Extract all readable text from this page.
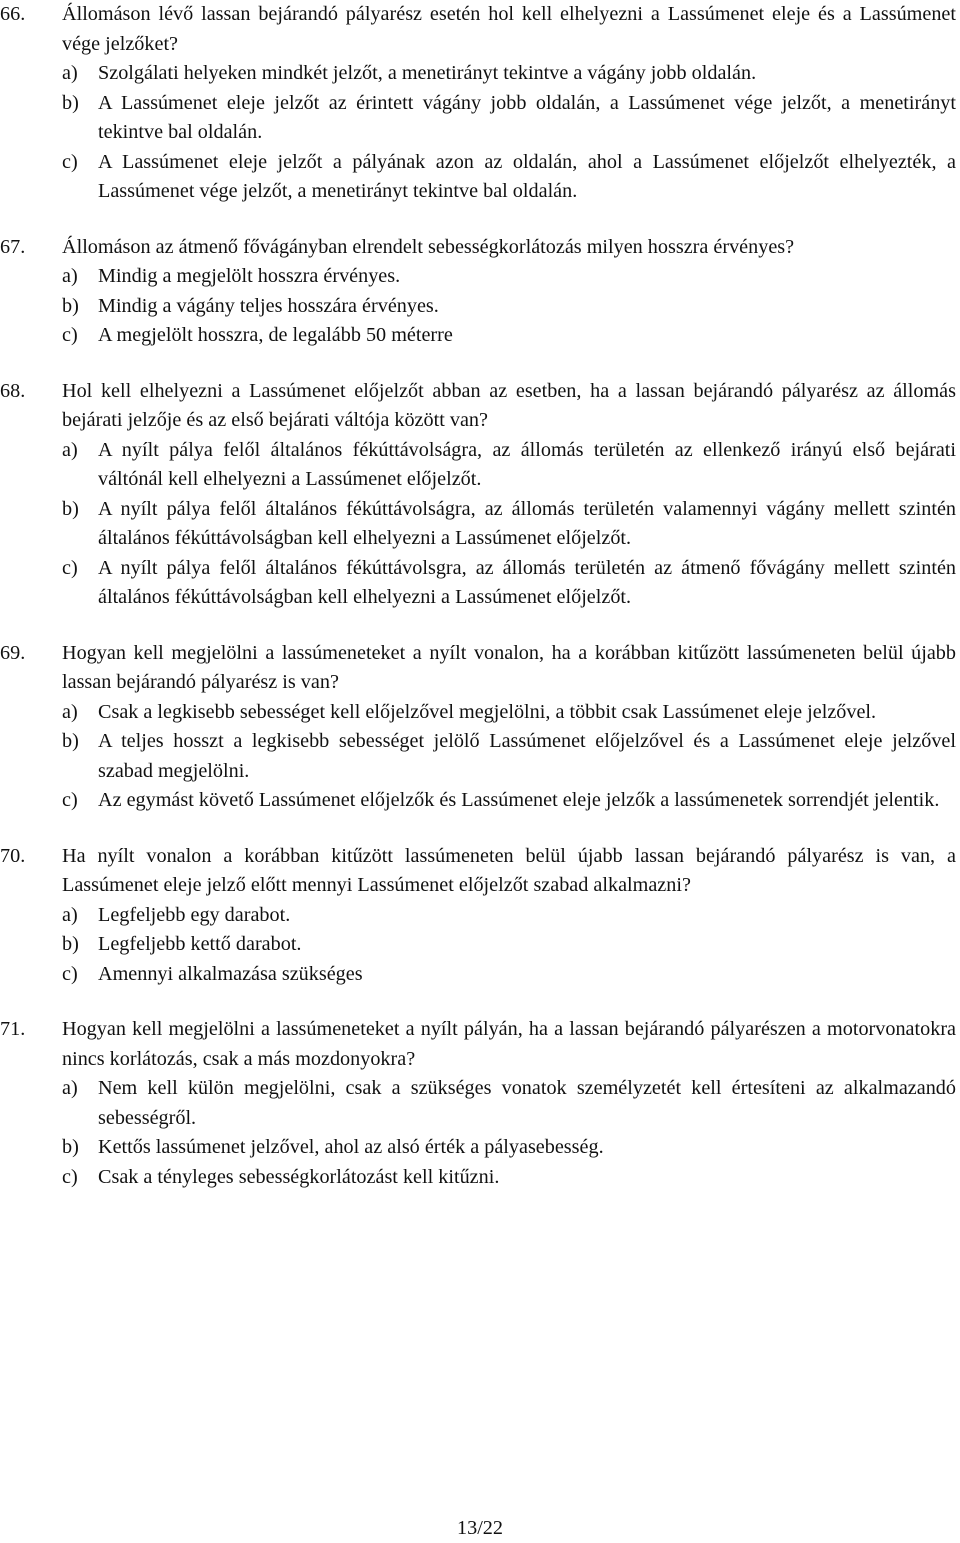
66.	Állomáson lévő lassan bejárandó pályarész esetén hol kell elhelyezni a Lassúmenet eleje és a Lassúmenet vége jelzőket?
a)	Szolgálati helyeken mindkét jelzőt, a menetirányt tekintve a vágány jobb oldalán.
b) A Lassúmenet eleje jelzőt az érintett vágány jobb oldalán, a Lassúmenet vége jelzőt, a menetirányt tekintve bal oldalán.
c)	A Lassúmenet eleje jelzőt a pályának azon az oldalán, ahol a Lassúmenet előjelzőt elhelyezték, a Lassúmenet vége jelzőt, a menetirányt tekintve bal oldalán.
67.	Állomáson az átmenő fővágányban elrendelt sebességkorlátozás milyen hosszra érvényes?
a)	Mindig a megjelölt hosszra érvényes.
b) Mindig a vágány teljes hosszára érvényes.
c)	A megjelölt hosszra, de legalább 50 méterre
68.	Hol kell elhelyezni a Lassúmenet előjelzőt abban az esetben, ha a lassan bejárandó pályarész az állomás bejárati jelzője és az első bejárati váltója között van?
a)	A nyílt pálya felől általános fékúttávolságra, az állomás területén az ellenkező irányú első bejárati váltónál kell elhelyezni a Lassúmenet előjelzőt.
b) A nyílt pálya felől általános fékúttávolságra, az állomás területén valamennyi vágány mellett szintén általános fékúttávolságban kell elhelyezni a Lassúmenet előjelzőt.
c)	A nyílt pálya felől általános fékúttávolsgra, az állomás területén az átmenő fővágány mellett szintén általános fékúttávolságban kell elhelyezni a Lassúmenet előjelzőt.
69.	Hogyan kell megjelölni a lassúmeneteket a nyílt vonalon, ha a korábban kitűzött lassúmeneten belül újabb lassan bejárandó pályarész is van?
a)	Csak a legkisebb sebességet kell előjelzővel megjelölni, a többit csak Lassúmenet eleje jelzővel.
b) A teljes hosszt a legkisebb sebességet jelölő Lassúmenet előjelzővel és a Lassúmenet eleje jelzővel szabad megjelölni.
c)	Az egymást követő Lassúmenet előjelzők és Lassúmenet eleje jelzők a lassúmenetek sorrendjét jelentik.
70.	Ha nyílt vonalon a korábban kitűzött lassúmeneten belül újabb lassan bejárandó pályarész is van, a Lassúmenet eleje jelző előtt mennyi Lassúmenet előjelzőt szabad alkalmazni?
a)	Legfeljebb egy darabot.
b) Legfeljebb kettő darabot.
c)	Amennyi alkalmazása szükséges
71.	Hogyan kell megjelölni a lassúmeneteket a nyílt pályán, ha a lassan bejárandó pályarészen a motorvonatokra nincs korlátozás, csak a más mozdonyokra?
a)	Nem kell külön megjelölni, csak a szükséges vonatok személyzetét kell értesíteni az alkalmazandó sebességről.
b) Kettős lassúmenet jelzővel, ahol az alsó érték a pályasebesség.
c)	Csak a tényleges sebességkorlátozást kell kitűzni.
13/22
